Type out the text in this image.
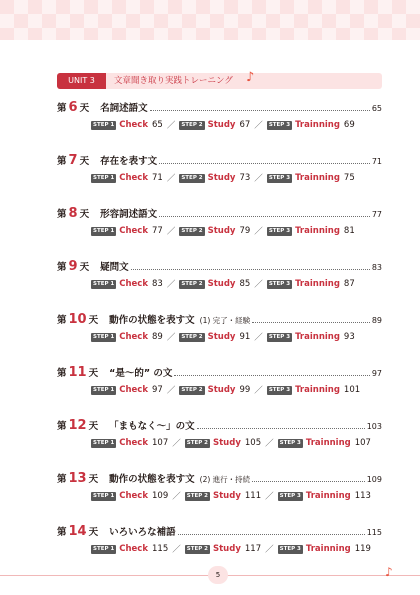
UNIT 3	文章聞き取り実践トレーニング ♪
第 6 天 名詞述語文	65
STEP 1 Check 65 ／	STEP 2 Study 67 ／	STEP 3 Trainning 69
第 7 天 存在を表す文	71
STEP 1 Check 71 ／	STEP 2 Study 73 ／	STEP 3 Trainning 75
第 8 天 形容詞述語文	77
STEP 1 Check 77 ／	STEP 2 Study 79 ／	STEP 3 Trainning 81
第 9 天 疑問文	83
STEP 1 Check 83 ／	STEP 2 Study 85 ／	STEP 3 Trainning 87
第 10 天 動作の状態を表す文 (1) 完了・経験	89
STEP 1 Check 89 ／	STEP 2 Study 91 ／	STEP 3 Trainning 93
第 11 天 “是〜的” の文	97
STEP 1 Check 97 ／	STEP 2 Study 99 ／	STEP 3 Trainning 101
第 12 天 「まもなく〜」の文	103
STEP 1 Check 107 ／	STEP 2 Study 105 ／	STEP 3 Trainning 107
第 13 天 動作の状態を表す文 (2) 進行・持続	109
STEP 1 Check 109 ／	STEP 2 Study 111 ／	STEP 3 Trainning 113
第 14 天 いろいろな補語	115
STEP 1 Check 115 ／	STEP 2 Study 117 ／	STEP 3 Trainning 119
5	♪
